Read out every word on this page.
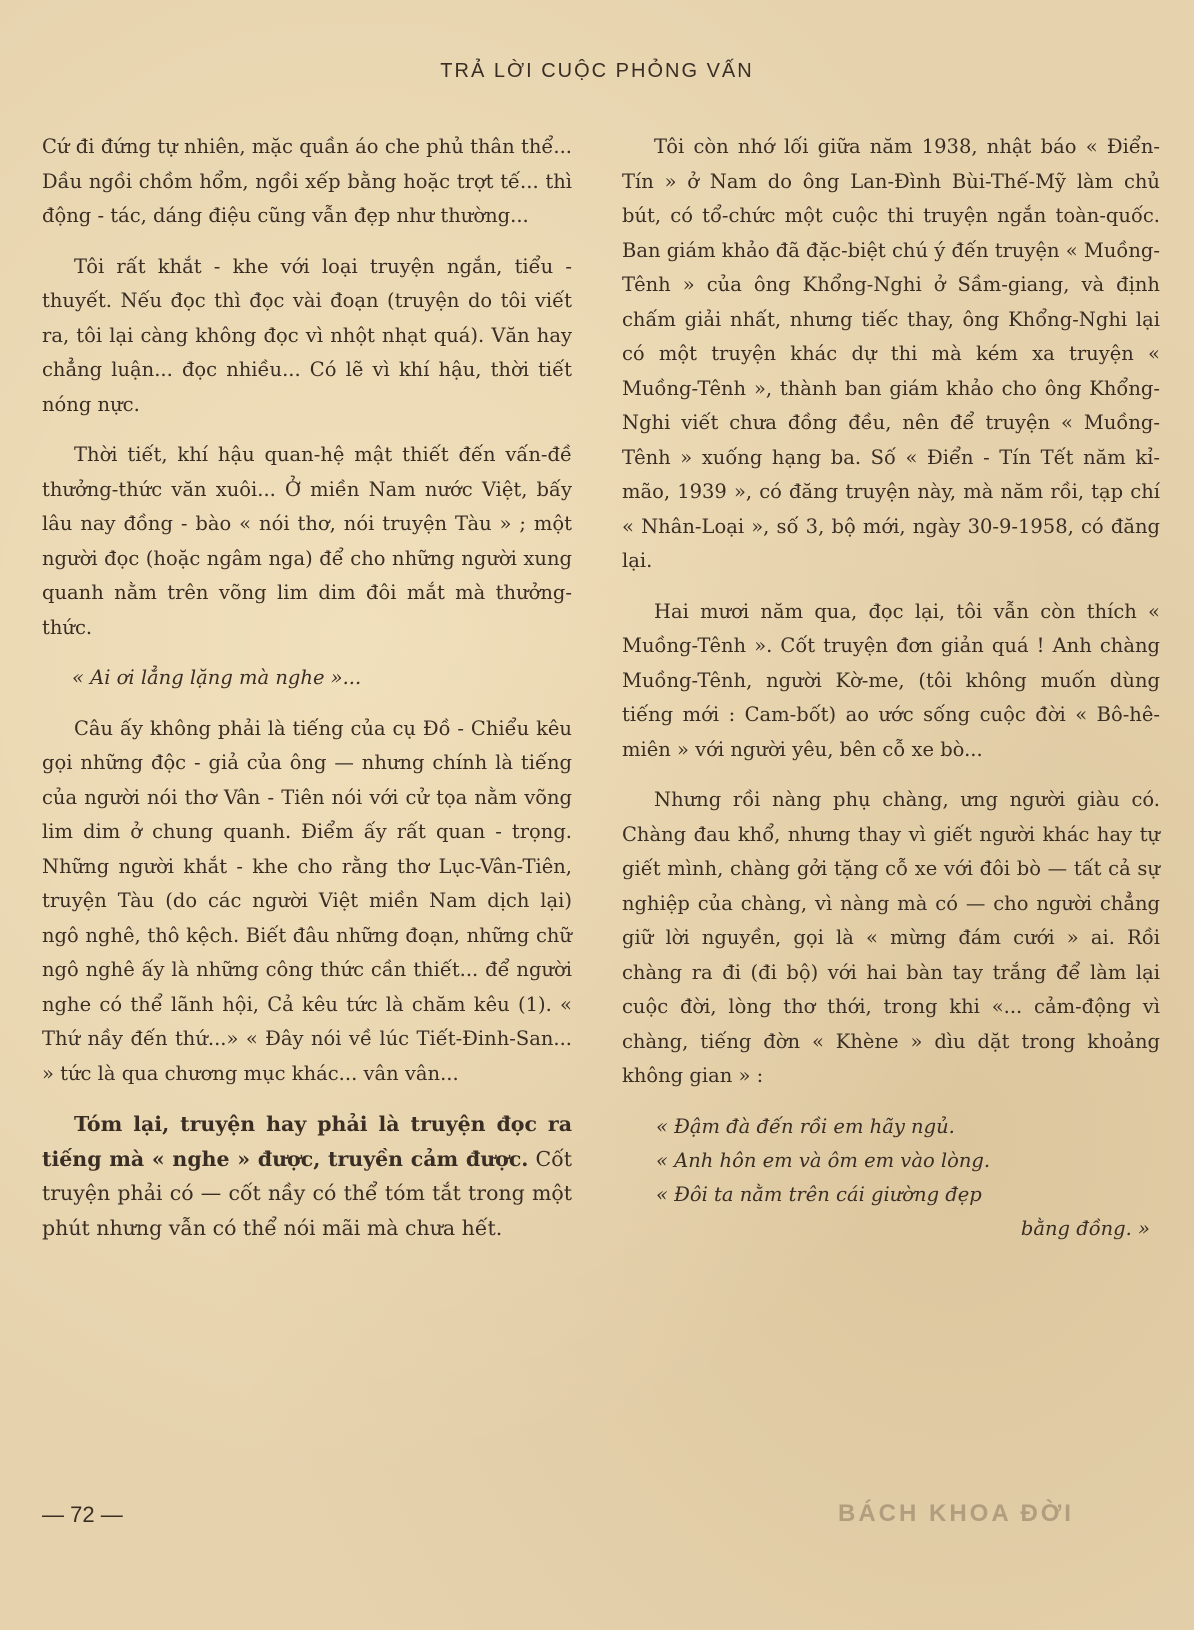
TRẢ LỜI CUỘC PHỎNG VẤN

Cứ đi đứng tự nhiên, mặc quần áo che phủ thân thể... Dầu ngồi chồm hổm, ngồi xếp bằng hoặc trợt tế... thì động - tác, dáng điệu cũng vẫn đẹp như thường...

Tôi rất khắt - khe với loại truyện ngắn, tiểu - thuyết. Nếu đọc thì đọc vài đoạn (truyện do tôi viết ra, tôi lại càng không đọc vì nhột nhạt quá). Văn hay chẳng luận... đọc nhiều... Có lẽ vì khí hậu, thời tiết nóng nực.

Thời tiết, khí hậu quan-hệ mật thiết đến vấn-đề thưởng-thức văn xuôi... Ở miền Nam nước Việt, bấy lâu nay đồng - bào « nói thơ, nói truyện Tàu » ; một người đọc (hoặc ngâm nga) để cho những người xung quanh nằm trên võng lim dim đôi mắt mà thưởng-thức.

« Ai ơi lẳng lặng mà nghe »...

Câu ấy không phải là tiếng của cụ Đồ - Chiểu kêu gọi những độc - giả của ông — nhưng chính là tiếng của người nói thơ Vân - Tiên nói với cử tọa nằm võng lim dim ở chung quanh. Điểm ấy rất quan - trọng. Những người khắt - khe cho rằng thơ Lục-Vân-Tiên, truyện Tàu (do các người Việt miền Nam dịch lại) ngô nghê, thô kệch. Biết đâu những đoạn, những chữ ngô nghê ấy là những công thức cần thiết... để người nghe có thể lãnh hội, Cả kêu tức là chăm kêu (1). « Thứ nầy đến thứ...» « Đây nói về lúc Tiết-Đinh-San... » tức là qua chương mục khác... vân vân...

Tóm lại, truyện hay phải là truyện đọc ra tiếng mà « nghe » được, truyền cảm được. Cốt truyện phải có — cốt nầy có thể tóm tắt trong một phút nhưng vẫn có thể nói mãi mà chưa hết.

Tôi còn nhớ lối giữa năm 1938, nhật báo « Điển-Tín » ở Nam do ông Lan-Đình Bùi-Thế-Mỹ làm chủ bút, có tổ-chức một cuộc thi truyện ngắn toàn-quốc. Ban giám khảo đã đặc-biệt chú ý đến truyện « Muồng-Tênh » của ông Khổng-Nghi ở Sầm-giang, và định chấm giải nhất, nhưng tiếc thay, ông Khổng-Nghi lại có một truyện khác dự thi mà kém xa truyện « Muồng-Tênh », thành ban giám khảo cho ông Khổng-Nghi viết chưa đồng đều, nên để truyện « Muồng-Tênh » xuống hạng ba. Số « Điển - Tín Tết năm kỉ-mão, 1939 », có đăng truyện này, mà năm rồi, tạp chí « Nhân-Loại », số 3, bộ mới, ngày 30-9-1958, có đăng lại.

Hai mươi năm qua, đọc lại, tôi vẫn còn thích « Muồng-Tênh ». Cốt truyện đơn giản quá ! Anh chàng Muồng-Tênh, người Kờ-me, (tôi không muốn dùng tiếng mới : Cam-bốt) ao ước sống cuộc đời « Bô-hê-miên » với người yêu, bên cỗ xe bò...

Nhưng rồi nàng phụ chàng, ưng người giàu có. Chàng đau khổ, nhưng thay vì giết người khác hay tự giết mình, chàng gởi tặng cỗ xe với đôi bò — tất cả sự nghiệp của chàng, vì nàng mà có — cho người chẳng giữ lời nguyền, gọi là « mừng đám cưới » ai. Rồi chàng ra đi (đi bộ) với hai bàn tay trắng để làm lại cuộc đời, lòng thơ thới, trong khi «... cảm-động vì chàng, tiếng đờn « Khène » dìu dặt trong khoảng không gian » :

« Đậm đà đến rồi em hãy ngủ.
« Anh hôn em và ôm em vào lòng.
« Đôi ta nằm trên cái giường đẹp
bằng đồng. »
— 72 —	BÁCH KHOA ĐỜI
